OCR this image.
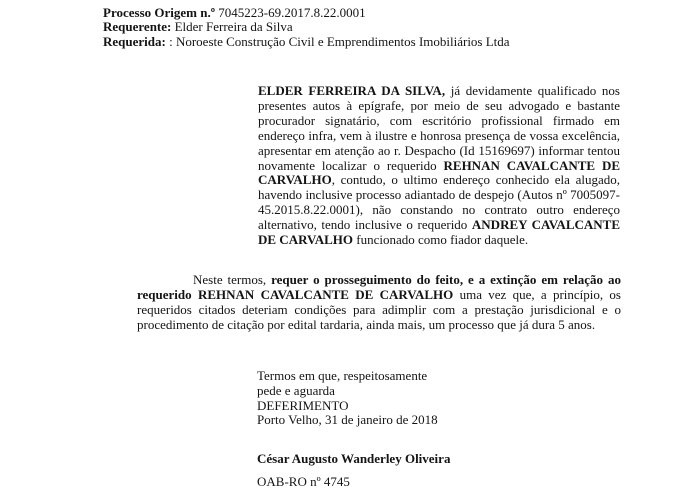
Processo Origem n.º 7045223-69.2017.8.22.0001
Requerente: Elder Ferreira da Silva
Requerida: : Noroeste Construção Civil e Emprendimentos Imobiliários Ltda
ELDER FERREIRA DA SILVA, já devidamente qualificado nos presentes autos à epígrafe, por meio de seu advogado e bastante procurador signatário, com escritório profissional firmado em endereço infra, vem à ilustre e honrosa presença de vossa excelência, apresentar em atenção ao r. Despacho (Id 15169697) informar tentou novamente localizar o requerido REHNAN CAVALCANTE DE CARVALHO, contudo, o ultimo endereço conhecido ela alugado, havendo inclusive processo adiantado de despejo (Autos nº 7005097-45.2015.8.22.0001), não constando no contrato outro endereço alternativo, tendo inclusive o requerido ANDREY CAVALCANTE DE CARVALHO funcionado como fiador daquele.
Neste termos, requer o prosseguimento do feito, e a extinção em relação ao requerido REHNAN CAVALCANTE DE CARVALHO uma vez que, a princípio, os requeridos citados deteriam condições para adimplir com a prestação jurisdicional e o procedimento de citação por edital tardaria, ainda mais, um processo que já dura 5 anos.
Termos em que, respeitosamente
pede e aguarda
DEFERIMENTO
Porto Velho, 31 de janeiro de 2018
César Augusto Wanderley Oliveira
OAB-RO nº 4745
